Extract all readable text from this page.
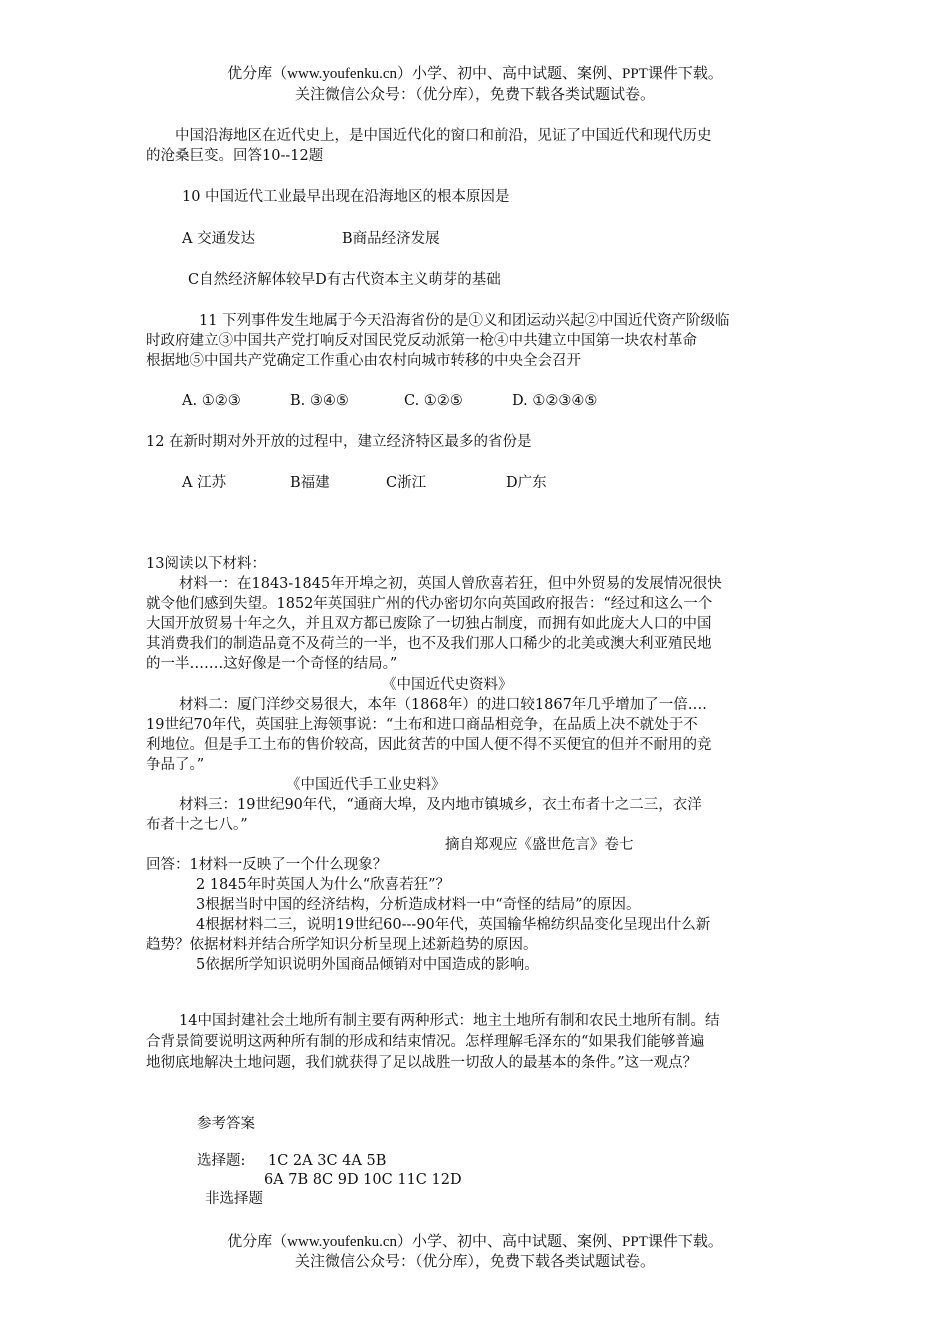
优分库（www.youfenku.cn）小学、初中、高中试题、案例、PPT课件下载。
关注微信公众号：（优分库），免费下载各类试题试卷。
中国沿海地区在近代史上，是中国近代化的窗口和前沿，见证了中国近代和现代历史
的沧桑巨变。回答10--12题
10 中国近代工业最早出现在沿海地区的根本原因是
A 交通发达	B商品经济发展
C自然经济解体较早D有古代资本主义萌芽的基础
11 下列事件发生地属于今天沿海省份的是①义和团运动兴起②中国近代资产阶级临
时政府建立③中国共产党打响反对国民党反动派第一枪④中共建立中国第一块农村革命
根据地⑤中国共产党确定工作重心由农村向城市转移的中央全会召开
A. ①②③	B. ③④⑤	C. ①②⑤	D. ①②③④⑤
12 在新时期对外开放的过程中，建立经济特区最多的省份是
A 江苏	B福建	C浙江	D广东
13阅读以下材料：
材料一：在1843-1845年开埠之初，英国人曾欣喜若狂，但中外贸易的发展情况很快
就令他们感到失望。1852年英国驻广州的代办密切尔向英国政府报告：“经过和这么一个
大国开放贸易十年之久，并且双方都已废除了一切独占制度，而拥有如此庞大人口的中国
其消费我们的制造品竟不及荷兰的一半，也不及我们那人口稀少的北美或澳大利亚殖民地
的一半…….这好像是一个奇怪的结局。”
《中国近代史资料》
材料二：厦门洋纱交易很大，本年（1868年）的进口较1867年几乎增加了一倍….
19世纪70年代，英国驻上海领事说：“土布和进口商品相竞争，在品质上决不就处于不
利地位。但是手工土布的售价较高，因此贫苦的中国人便不得不买便宜的但并不耐用的竞
争品了。”
《中国近代手工业史料》
材料三：19世纪90年代，“通商大埠，及内地市镇城乡，衣土布者十之二三，衣洋
布者十之七八。”
摘自郑观应《盛世危言》卷七
回答：1材料一反映了一个什么现象？
2 1845年时英国人为什么“欣喜若狂”？
3根据当时中国的经济结构，分析造成材料一中“奇怪的结局”的原因。
4根据材料二三，说明19世纪60---90年代，英国输华棉纺织品变化呈现出什么新
趋势？依据材料并结合所学知识分析呈现上述新趋势的原因。
5依据所学知识说明外国商品倾销对中国造成的影响。
14中国封建社会土地所有制主要有两种形式：地主土地所有制和农民土地所有制。结
合背景简要说明这两种所有制的形成和结束情况。怎样理解毛泽东的“如果我们能够普遍
地彻底地解决土地问题，我们就获得了足以战胜一切敌人的最基本的条件。”这一观点？
参考答案
选择题: 1C 2A 3C 4A 5B
6A 7B 8C 9D 10C 11C 12D
非选择题
优分库（www.youfenku.cn）小学、初中、高中试题、案例、PPT课件下载。
关注微信公众号：（优分库），免费下载各类试题试卷。
